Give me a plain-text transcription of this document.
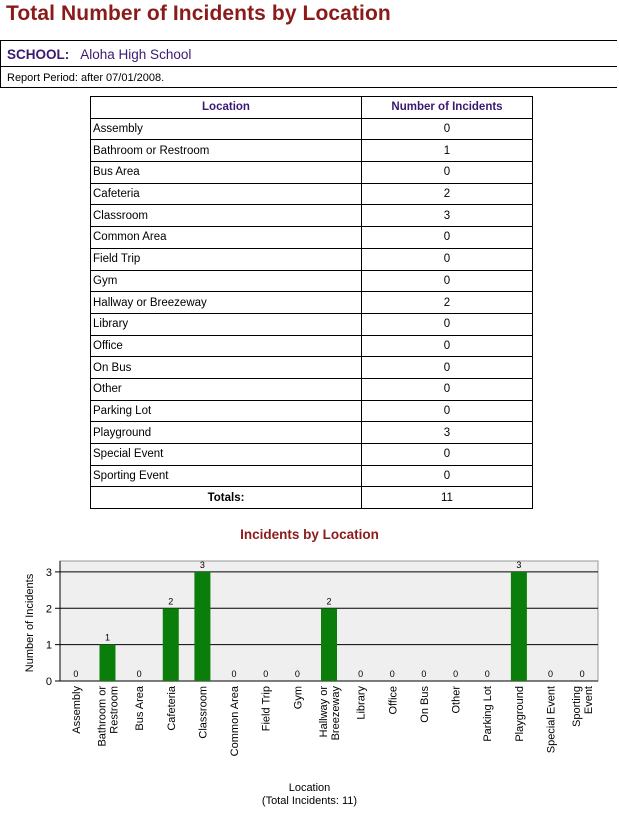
Total Number of Incidents by Location
SCHOOL: Aloha High School
Report Period: after 07/01/2008.
Location	Number of Incidents
Assembly	0
Bathroom or Restroom	1
Bus Area	0
Cafeteria	2
Classroom	3
Common Area	0
Field Trip	0
Gym	0
Hallway or Breezeway	2
Library	0
Office	0
On Bus	0
Other	0
Parking Lot	0
Playground	3
Special Event	0
Sporting Event	0
Totals:	11
Incidents by Location
0
1
2
3
Number of Incidents
0
Assembly
1
Bathroom orRestroom
0
Bus Area
2
Cafeteria
3
Classroom
0
Common Area
0
Field Trip
0
Gym
2
Hallway orBreezeway
0
Library
0
Office
0
On Bus
0
Other
0
Parking Lot
3
Playground
0
Special Event
0
SportingEvent
Location
(Total Incidents: 11)
